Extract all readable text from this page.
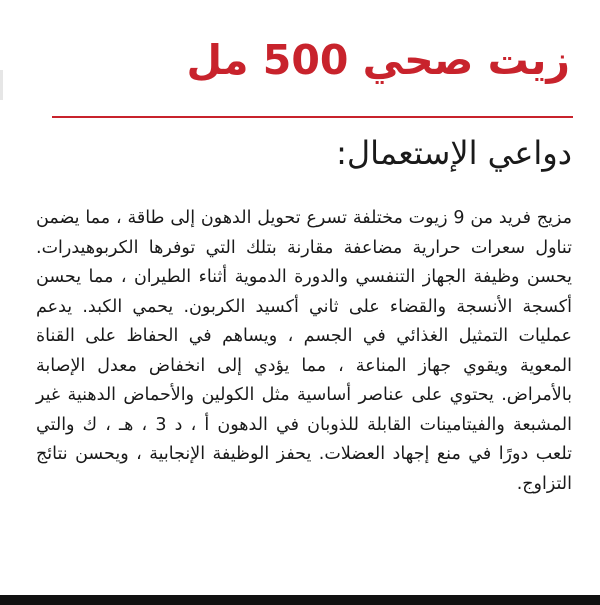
زيت صحي 500 مل
دواعي الإستعمال:

مزيج فريد من 9 زيوت مختلفة تسرع تحويل الدهون إلى طاقة ، مما يضمن تناول سعرات حرارية مضاعفة مقارنة بتلك التي توفرها الكربوهيدرات. يحسن وظيفة الجهاز التنفسي والدورة الدموية أثناء الطيران ، مما يحسن أكسجة الأنسجة والقضاء على ثاني أكسيد الكربون. يحمي الكبد. يدعم عمليات التمثيل الغذائي في الجسم ، ويساهم في الحفاظ على القناة المعوية ويقوي جهاز المناعة ، مما يؤدي إلى انخفاض معدل الإصابة بالأمراض. يحتوي على عناصر أساسية مثل الكولين والأحماض الدهنية غير المشبعة والفيتامينات القابلة للذوبان في الدهون أ ، د 3 ، هـ ، ك والتي تلعب دورًا في منع إجهاد العضلات. يحفز الوظيفة الإنجابية ، ويحسن نتائج التزاوج.
